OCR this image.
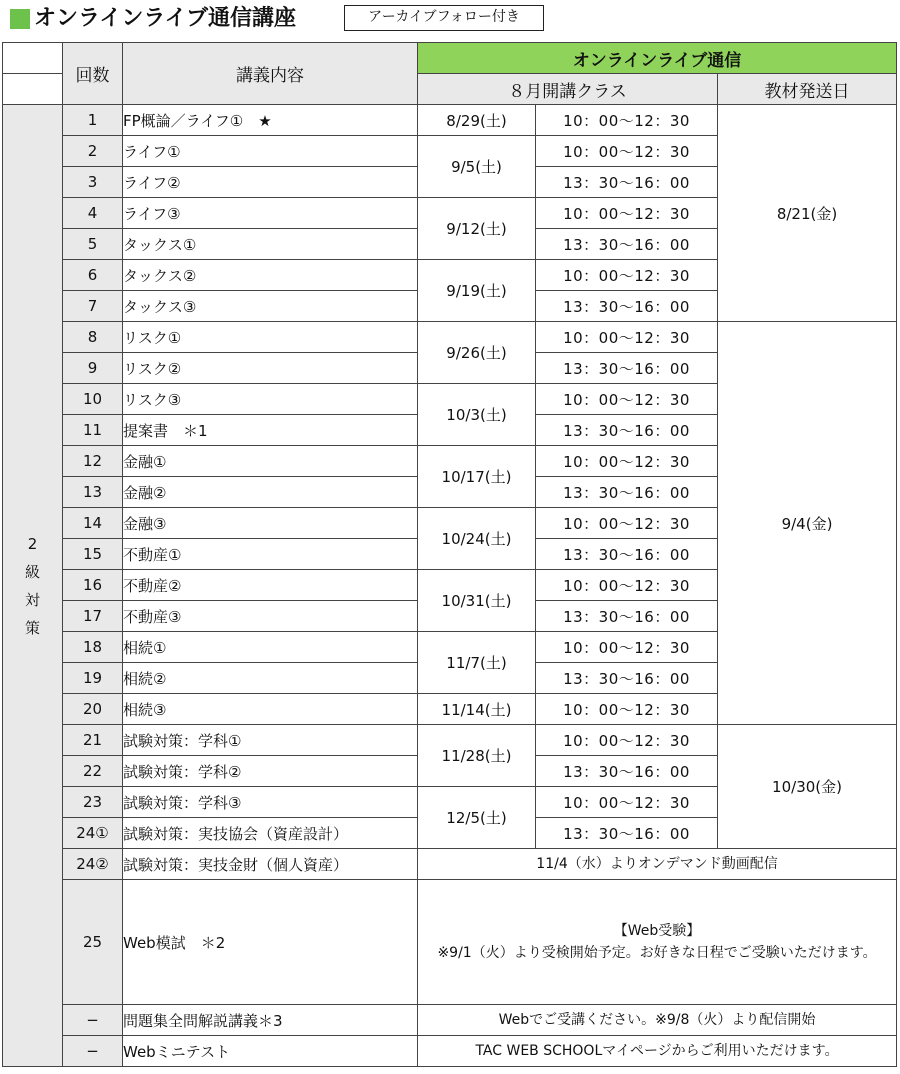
オンラインライブ通信講座	アーカイブフォロー付き
	回数	講義内容	オンラインライブ通信		
			８月開講クラス		教材発送日

2
級
対
策	1	FP概論／ライフ①　★	8/29(土)	10：00〜12：30	8/21(金)
	2	ライフ①	9/5(土)	10：00〜12：30	
	3	ライフ②		13：30〜16：00	
	4	ライフ③	9/12(土)	10：00〜12：30	
	5	タックス①		13：30〜16：00	
	6	タックス②	9/19(土)	10：00〜12：30	
	7	タックス③		13：30〜16：00	
	8	リスク①	9/26(土)	10：00〜12：30	9/4(金)
	9	リスク②		13：30〜16：00	
	10	リスク③	10/3(土)	10：00〜12：30	
	11	提案書　＊1		13：30〜16：00	
	12	金融①	10/17(土)	10：00〜12：30	
	13	金融②		13：30〜16：00	
	14	金融③	10/24(土)	10：00〜12：30	
	15	不動産①		13：30〜16：00	
	16	不動産②	10/31(土)	10：00〜12：30	
	17	不動産③		13：30〜16：00	
	18	相続①	11/7(土)	10：00〜12：30	
	19	相続②		13：30〜16：00	
	20	相続③	11/14(土)	10：00〜12：30	
	21	試験対策：学科①	11/28(土)	10：00〜12：30	10/30(金)
	22	試験対策：学科②		13：30〜16：00	
	23	試験対策：学科③	12/5(土)	10：00〜12：30	
	24①	試験対策：実技協会（資産設計）		13：30〜16：00	
	24②	試験対策：実技金財（個人資産）	11/4（水）よりオンデマンド動画配信		
	25	Web模試　＊2	【Web受験】
※9/1（火）より受検開始予定。お好きな日程でご受験いただけます。		

	−	問題集全問解説講義＊3	Webでご受講ください。※9/8（火）より配信開始		
	−	Webミニテスト	TAC WEB SCHOOLマイページからご利用いただけます。		
